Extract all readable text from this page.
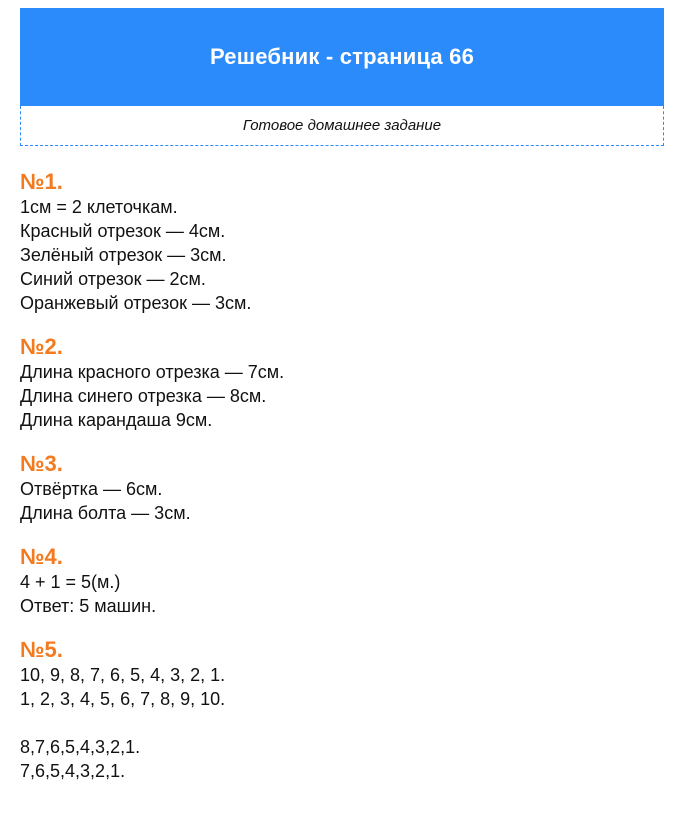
Решебник - страница 66
Готовое домашнее задание
№1.
1см = 2 клеточкам.
Красный отрезок — 4см.
Зелёный отрезок — 3см.
Синий отрезок — 2см.
Оранжевый отрезок — 3см.
№2.
Длина красного отрезка — 7см.
Длина синего отрезка — 8см.
Длина карандаша 9см.
№3.
Отвёртка — 6см.
Длина болта — 3см.
№4.
4 + 1 = 5(м.)
Ответ: 5 машин.
№5.
10, 9, 8, 7, 6, 5, 4, 3, 2, 1.
1, 2, 3, 4, 5, 6, 7, 8, 9, 10.
8,7,6,5,4,3,2,1.
7,6,5,4,3,2,1.
